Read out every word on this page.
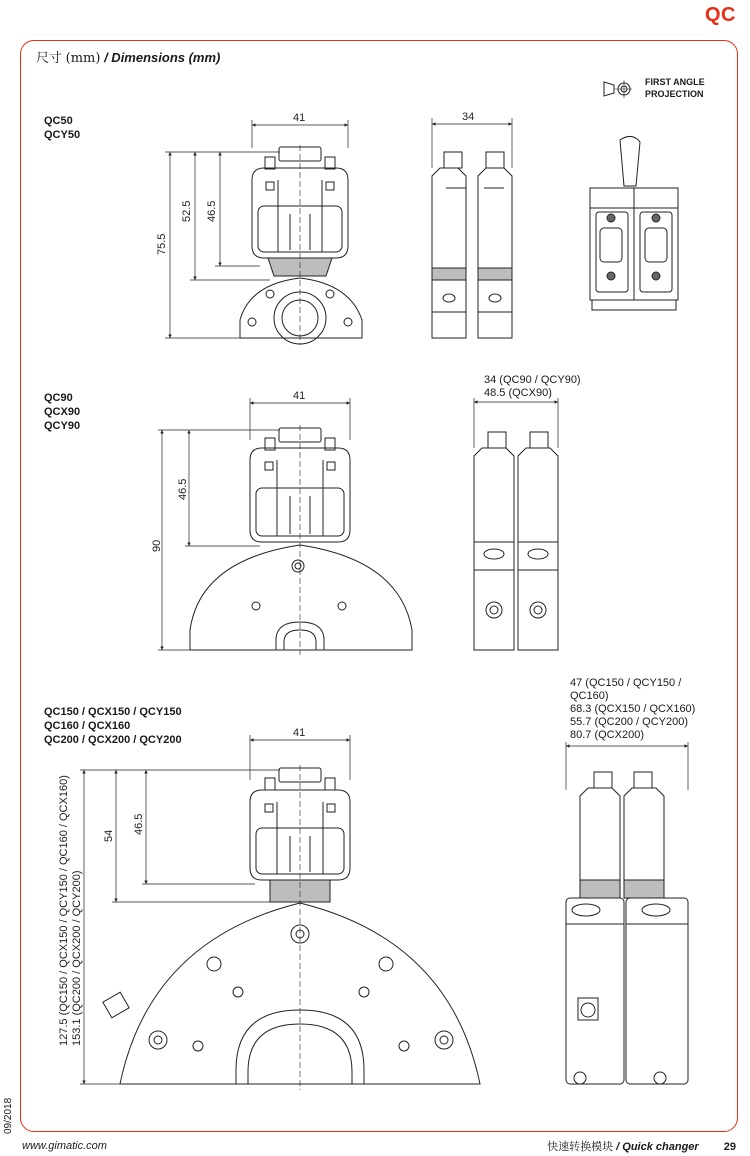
QC
尺寸 (mm) / Dimensions (mm)
FIRST ANGLE
PROJECTION
QC50
QCY50
QC90
QCX90
QCY90
QC150 / QCX150 / QCY150
QC160 / QCX160
QC200 / QCX200 / QCY200
34 (QC90 / QCY90)
48.5 (QCX90)
47 (QC150 / QCY150 /
QC160)
68.3 (QCX150 / QCX160)
55.7 (QC200 / QCY200)
80.7 (QCX200)
41
75.5
52.5 46.5
34
41
90
46.5
41
127.5 (QC150 / QCX150 / QCY150 / QC160 / QCX160) 153.1 (QC200 / QCX200 / QCY200)
54
46.5
09/2018
www.gimatic.com	快速转换模块 / Quick changer 29
